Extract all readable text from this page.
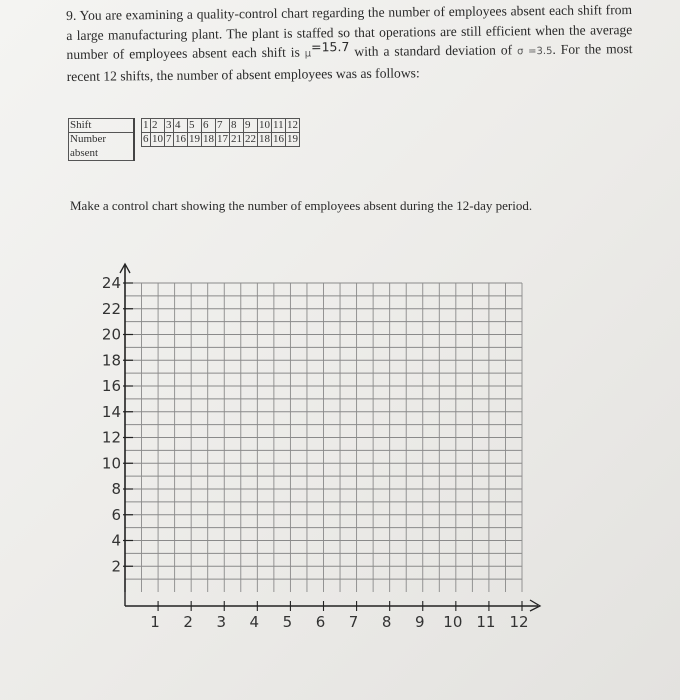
9. You are examining a quality-control chart regarding the number of employees absent each shift from a large manufacturing plant. The plant is staffed so that operations are still efficient when the average number of employees absent each shift is μ=15.7 with a standard deviation of σ =3.5. For the most recent 12 shifts, the number of absent employees was as follows:
Shift		1	2	3	4	5	6	7	8	9	10	11	12
Number		6	10	7	16	19	18	17	21	22	18	16	19
absent													
Make a control chart showing the number of employees absent during the 12-day period.
2
4
6
8
10
12
14
16
18
20
22
24
1 2 3 4 5 6 7 8 9 10 11 12
